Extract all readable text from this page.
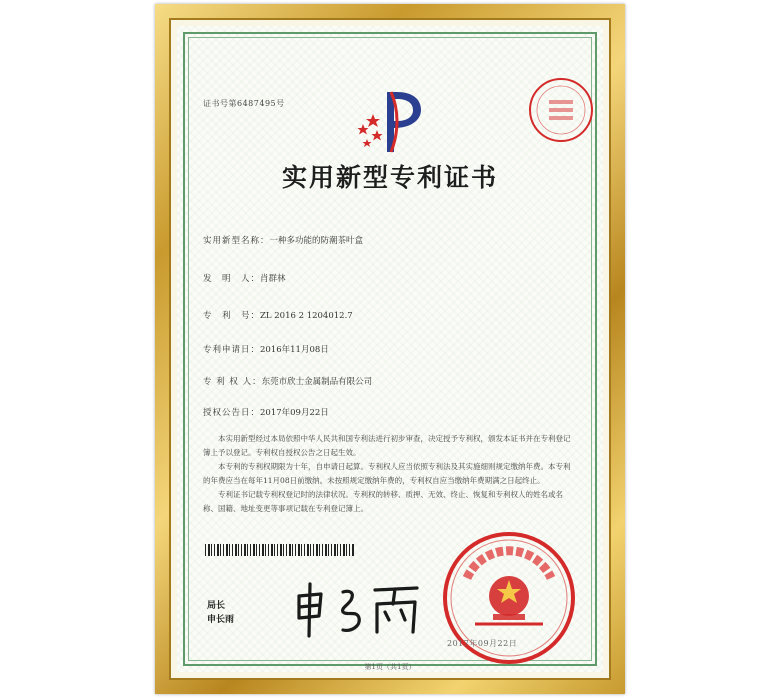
证书号第6487495号
实用新型专利证书
实用新型名称：一种多功能的防潮茶叶盒
发　明　人：肖群林
专　利　号：ZL 2016 2 1204012.7
专利申请日：2016年11月08日
专 利 权 人：东莞市欣士金属制品有限公司
授权公告日：2017年09月22日

本实用新型经过本局依照中华人民共和国专利法进行初步审查，决定授予专利权，颁发本证书并在专利登记簿上予以登记。专利权自授权公告之日起生效。

本专利的专利权期限为十年，自申请日起算。专利权人应当依照专利法及其实施细则规定缴纳年费。本专利的年费应当在每年11月08日前缴纳。未按照规定缴纳年费的，专利权自应当缴纳年费期满之日起终止。

专利证书记载专利权登记时的法律状况。专利权的转移、质押、无效、终止、恢复和专利权人的姓名或名称、国籍、地址变更等事项记载在专利登记簿上。

局长
申长雨
2017年09月22日
第1页（共1页）
